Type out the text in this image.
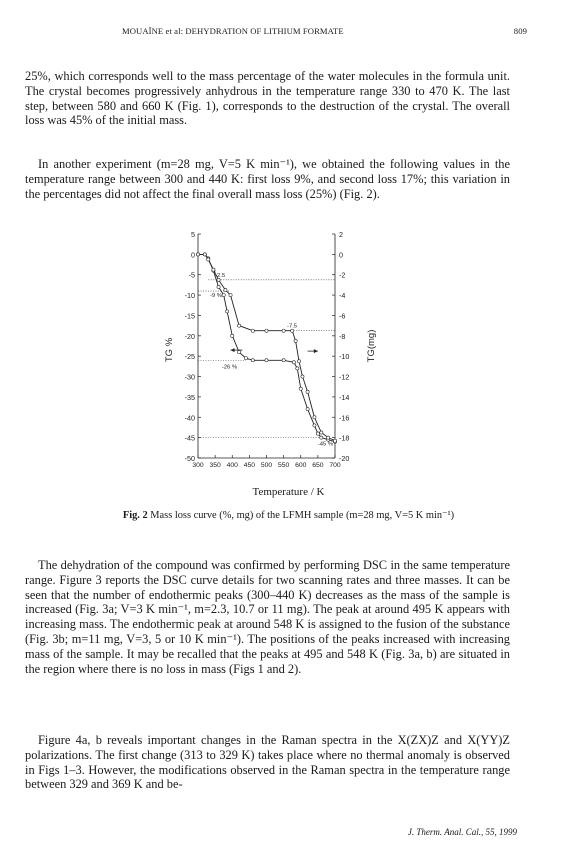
MOUAÏNE et al: DEHYDRATION OF LITHIUM FORMATE	809

25%, which corresponds well to the mass percentage of the water molecules in the formula unit. The crystal becomes progressively anhydrous in the temperature range 330 to 470 K. The last step, between 580 and 660 K (Fig. 1), corresponds to the destruction of the crystal. The overall loss was 45% of the initial mass.

In another experiment (m=28 mg, V=5 K min⁻¹), we obtained the following values in the temperature range between 300 and 440 K: first loss 9%, and second loss 17%; this variation in the percentages did not affect the final overall mass loss (25%) (Fig. 2).

5
0
-5
-10
-15
-20
-25
-30
-35
-40
-45
-50
2
0
-2
-4
-6
-8
-10
-12
-14
-16
-18
-20
300 350 400 450 500 550 600 650 700
TG %	TG(mg)
-2.5
-9 %
-7.5
-26 %
-45 %
Temperature / K
Fig. 2 Mass loss curve (%, mg) of the LFMH sample (m=28 mg, V=5 K min⁻¹)

The dehydration of the compound was confirmed by performing DSC in the same temperature range. Figure 3 reports the DSC curve details for two scanning rates and three masses. It can be seen that the number of endothermic peaks (300–440 K) decreases as the mass of the sample is increased (Fig. 3a; V=3 K min⁻¹, m=2.3, 10.7 or 11 mg). The peak at around 495 K appears with increasing mass. The endothermic peak at around 548 K is assigned to the fusion of the substance (Fig. 3b; m=11 mg, V=3, 5 or 10 K min⁻¹). The positions of the peaks increased with increasing mass of the sample. It may be recalled that the peaks at 495 and 548 K (Fig. 3a, b) are situated in the region where there is no loss in mass (Figs 1 and 2).

Figure 4a, b reveals important changes in the Raman spectra in the X(ZX)Z and X(YY)Z polarizations. The first change (313 to 329 K) takes place where no thermal anomaly is observed in Figs 1–3. However, the modifications observed in the Raman spectra in the temperature range between 329 and 369 K and be-

J. Therm. Anal. Cal., 55, 1999
